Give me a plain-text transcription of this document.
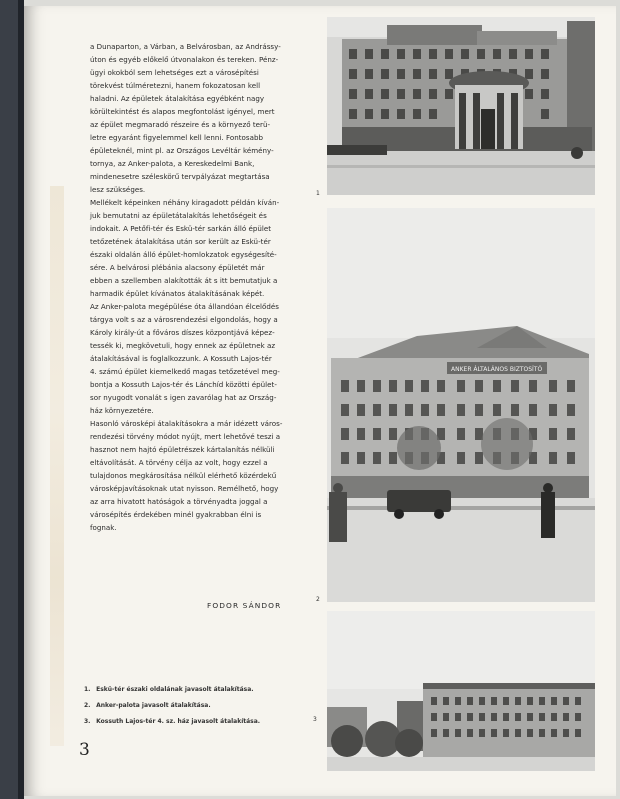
a Dunaparton, a Várban, a Belvárosban, az Andrássy-
úton és egyéb előkelő útvonalakon és tereken. Pénz-
ügyi okokból sem lehetséges ezt a városépítési
törekvést túlméretezni, hanem fokozatosan kell
haladni. Az épületek átalakítása egyébként nagy
körültekintést és alapos megfontolást igényel, mert
az épület megmaradó részeire és a környező terü-
letre egyaránt figyelemmel kell lenni. Fontosabb
épületeknél, mint pl. az Országos Levéltár kémény-
tornya, az Anker-palota, a Kereskedelmi Bank,
mindenesetre széleskörű tervpályázat megtartása
lesz szükséges.
Mellékelt képeinken néhány kiragadott példán kíván-
juk bemutatni az épületátalakítás lehetőségeit és
indokait. A Petőfi-tér és Eskü-tér sarkán álló épület
tetőzetének átalakítása után sor került az Eskü-tér
északi oldalán álló épület-homlokzatok egységesíté-
sére. A belvárosi plébánia alacsony épületét már
ebben a szellemben alakították át s itt bemutatjuk a
harmadik épület kívánatos átalakításának képét.
Az Anker-palota megépülése óta állandóan élcelődés
tárgya volt s az a városrendezési elgondolás, hogy a
Károly király-út a főváros díszes központjává képez-
tessék ki, megkövetuli, hogy ennek az épületnek az
átalakításával is foglalkozzunk. A Kossuth Lajos-tér
4. számú épület kiemelkedő magas tetőzetével meg-
bontja a Kossuth Lajos-tér és Lánchíd közötti épület-
sor nyugodt vonalát s igen zavarólag hat az Ország-
ház környezetére.
Hasonló városképi átalakításokra a már idézett város-
rendezési törvény módot nyújt, mert lehetővé teszi a
hasznot nem hajtó épületrészek kártalanítás nélküli
eltávolítását. A törvény célja az volt, hogy ezzel a
tulajdonos megkárosítása nélkül elérhető közérdekű
városképjavításoknak utat nyisson. Remélhető, hogy
az arra hivatott hatóságok a törvényadta joggal a
városépítés érdekében minél gyakrabban élni is
fognak.
FODOR SÁNDOR
1. Eskü-tér északi oldalának javasolt átalakítása.
2. Anker-palota javasolt átalakítása.
3. Kossuth Lajos-tér 4. sz. ház javasolt átalakítása.
3
1
ANKER ÁLTALÁNOS BIZTOSÍTÓ
2
3
